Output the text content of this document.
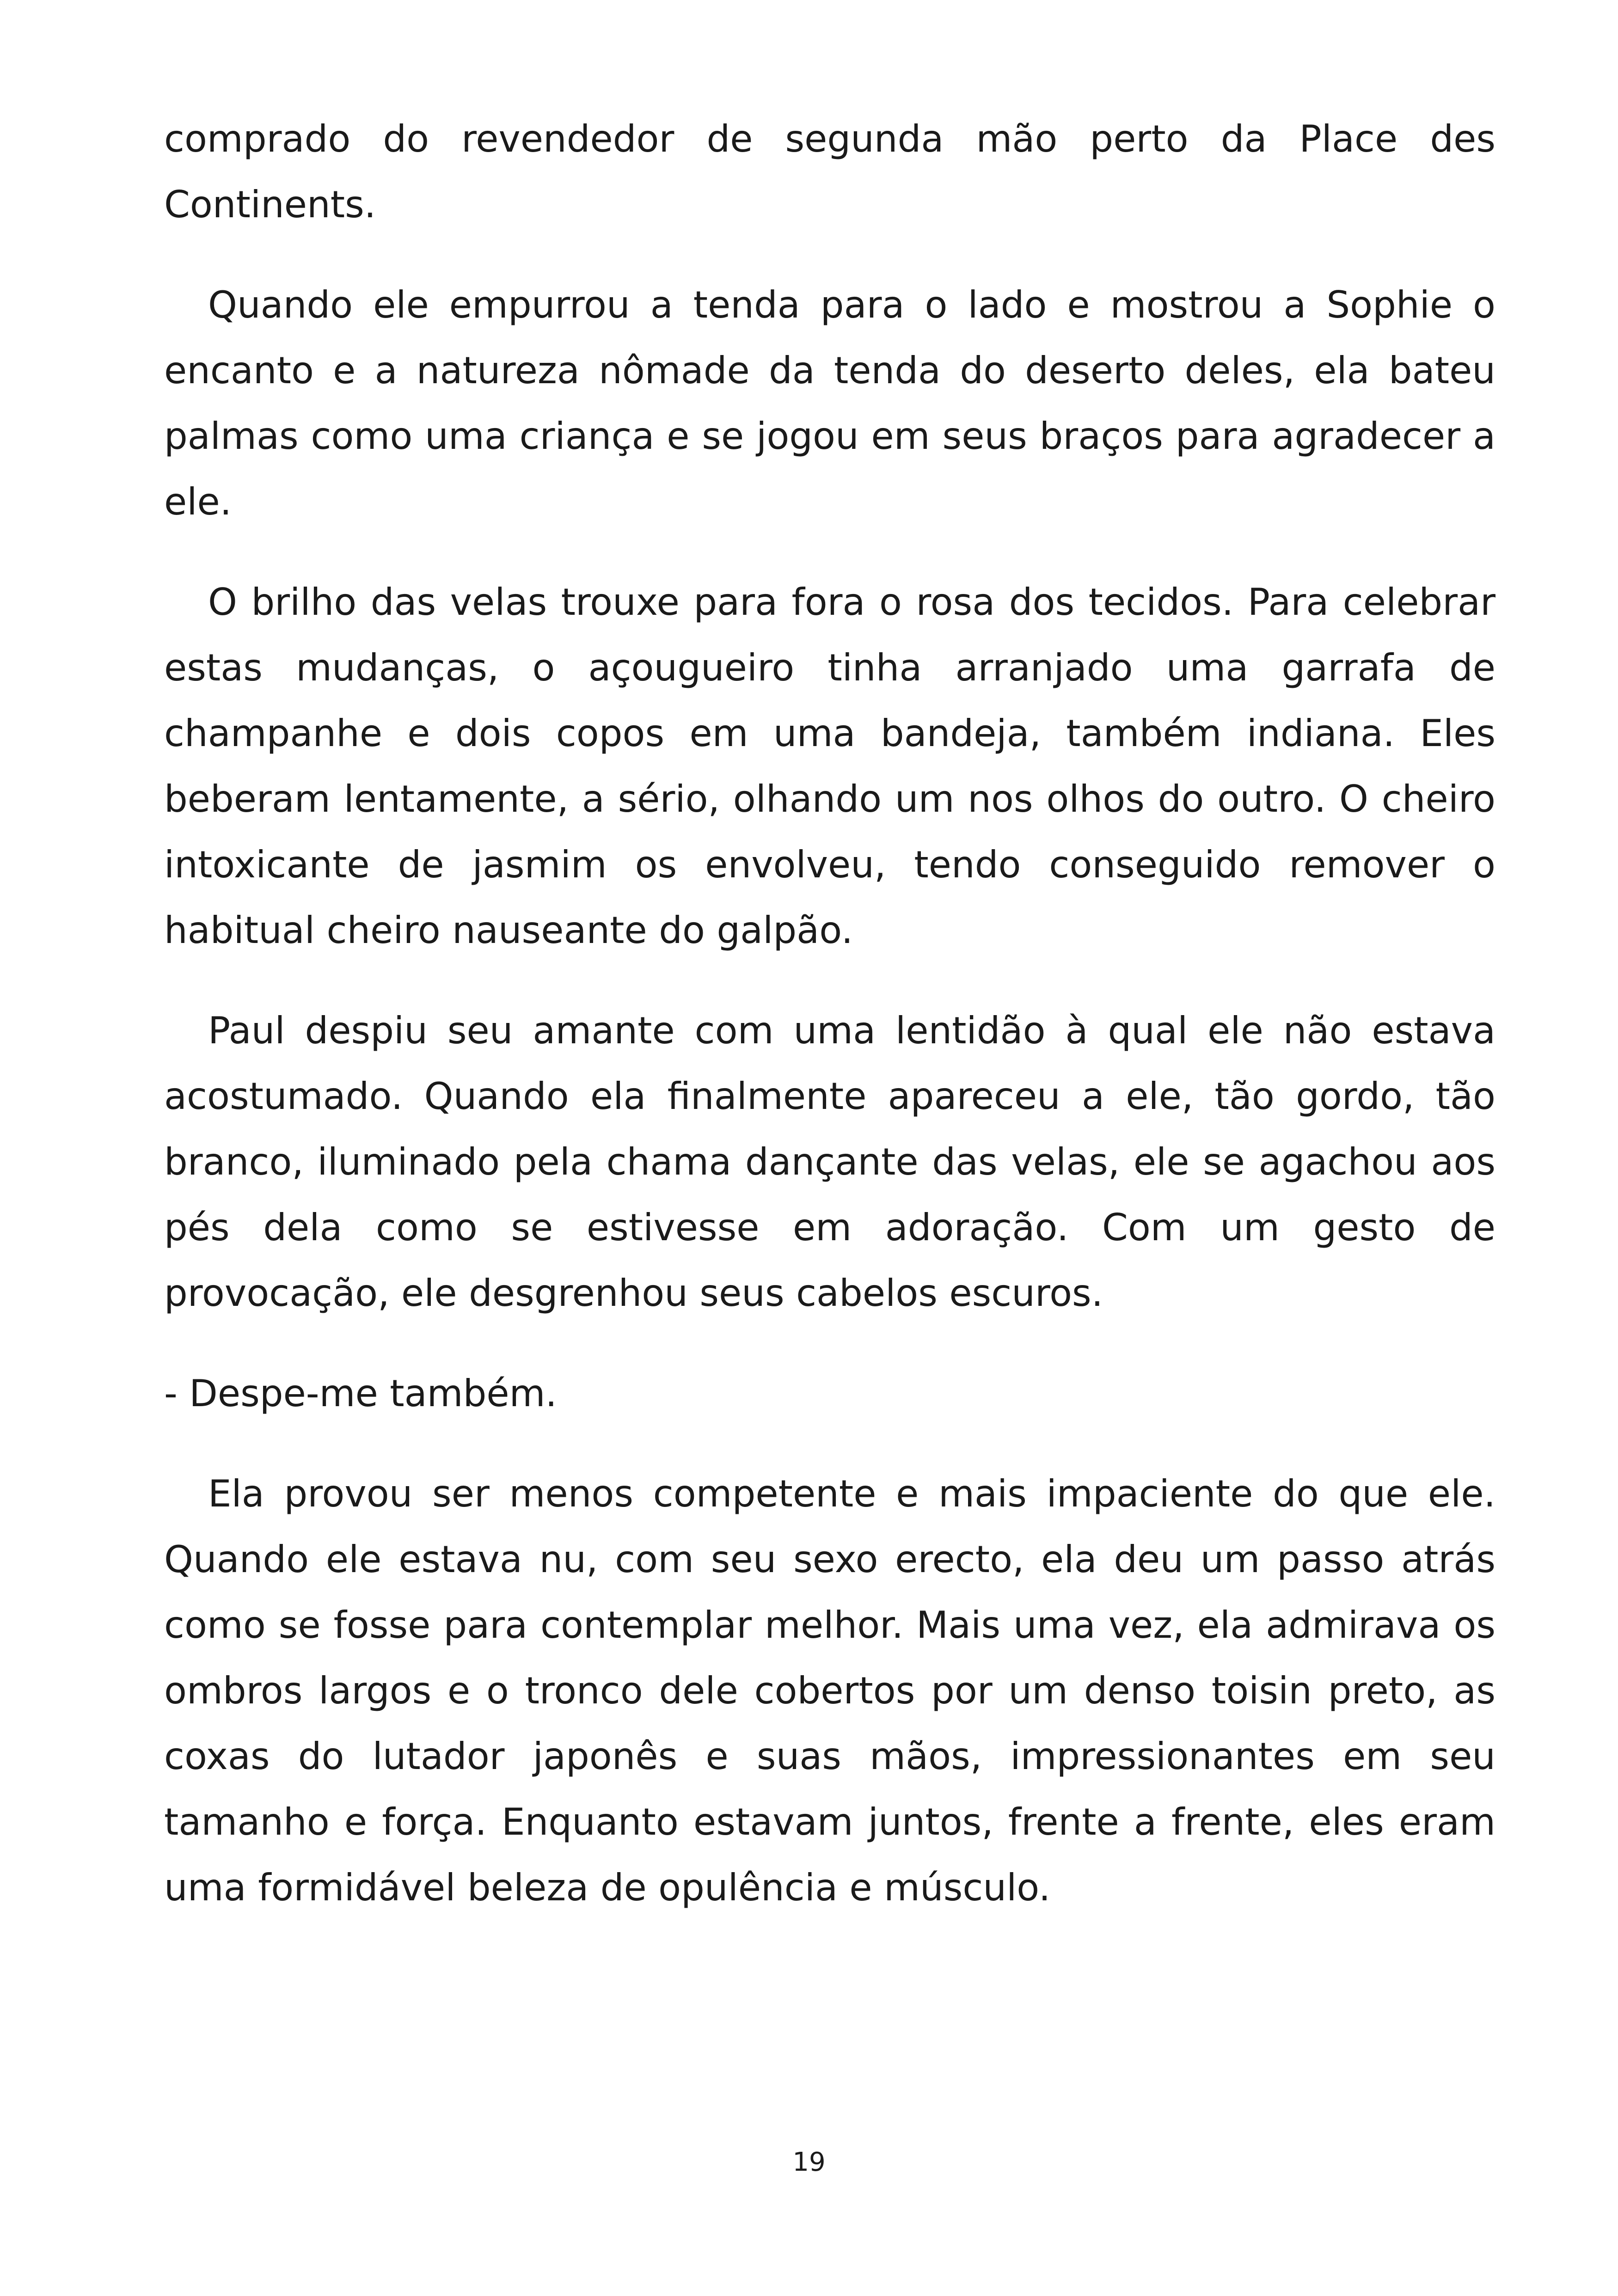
comprado do revendedor de segunda mão perto da Place des Continents.

Quando ele empurrou a tenda para o lado e mostrou a Sophie o encanto e a natureza nômade da tenda do deserto deles, ela bateu palmas como uma criança e se jogou em seus braços para agradecer a ele.

O brilho das velas trouxe para fora o rosa dos tecidos. Para celebrar estas mudanças, o açougueiro tinha arranjado uma garrafa de champanhe e dois copos em uma bandeja, também indiana. Eles beberam lentamente, a sério, olhando um nos olhos do outro. O cheiro intoxicante de jasmim os envolveu, tendo conseguido remover o habitual cheiro nauseante do galpão.

Paul despiu seu amante com uma lentidão à qual ele não estava acostumado. Quando ela finalmente apareceu a ele, tão gordo, tão branco, iluminado pela chama dançante das velas, ele se agachou aos pés dela como se estivesse em adoração. Com um gesto de provocação, ele desgrenhou seus cabelos escuros.

- Despe-me também.

Ela provou ser menos competente e mais impaciente do que ele. Quando ele estava nu, com seu sexo erecto, ela deu um passo atrás como se fosse para contemplar melhor. Mais uma vez, ela admirava os ombros largos e o tronco dele cobertos por um denso toisin preto, as coxas do lutador japonês e suas mãos, impressionantes em seu tamanho e força. Enquanto estavam juntos, frente a frente, eles eram uma formidável beleza de opulência e músculo.

19
